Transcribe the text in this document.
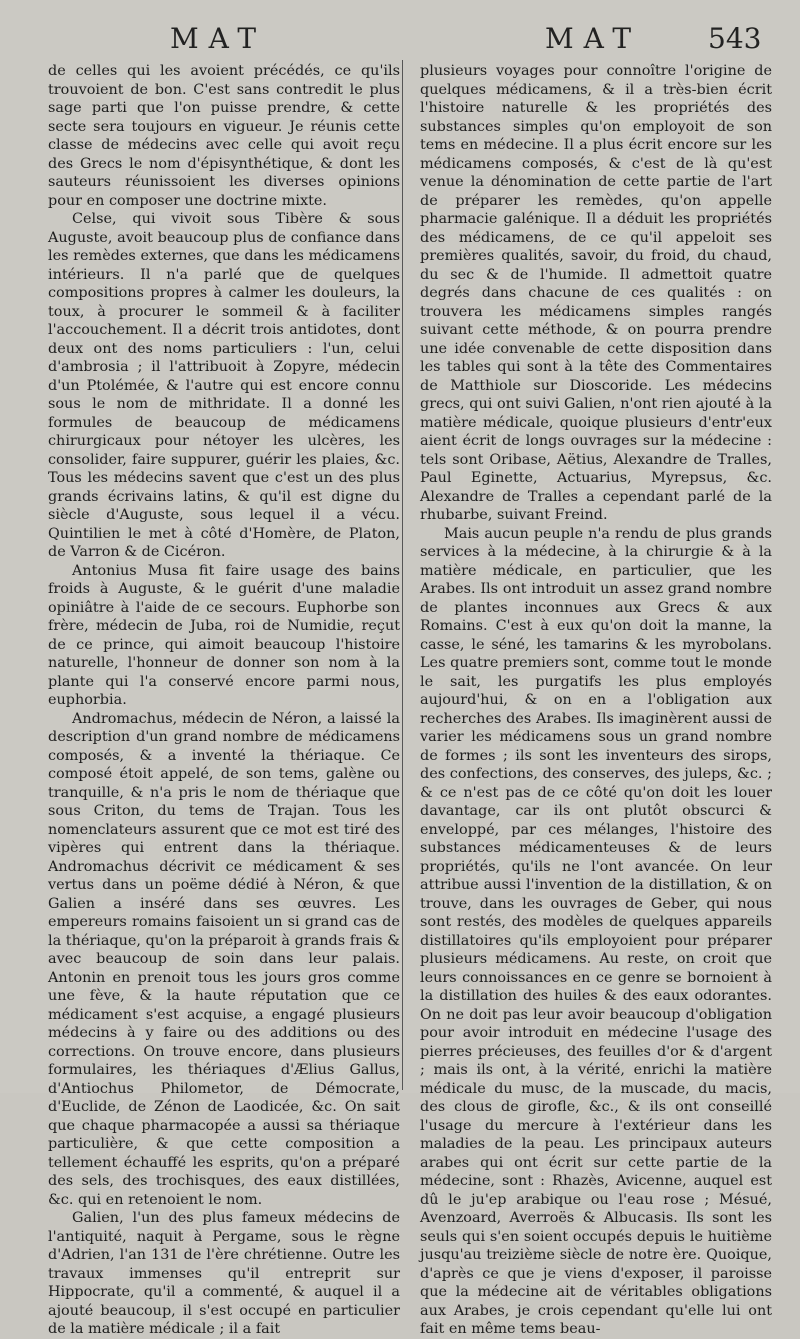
MAT	MAT 543

de celles qui les avoient précédés, ce qu'ils trouvoient de bon. C'est sans contredit le plus sage parti que l'on puisse prendre, & cette secte sera toujours en vigueur. Je réunis cette classe de médecins avec celle qui avoit reçu des Grecs le nom d'épisynthétique, & dont les sauteurs réunissoient les diverses opinions pour en composer une doctrine mixte.

Celse, qui vivoit sous Tibère & sous Auguste, avoit beaucoup plus de confiance dans les remèdes externes, que dans les médicamens intérieurs. Il n'a parlé que de quelques compositions propres à calmer les douleurs, la toux, à procurer le sommeil & à faciliter l'accouchement. Il a décrit trois antidotes, dont deux ont des noms particuliers : l'un, celui d'ambrosia ; il l'attribuoit à Zopyre, médecin d'un Ptolémée, & l'autre qui est encore connu sous le nom de mithridate. Il a donné les formules de beaucoup de médicamens chirurgicaux pour nétoyer les ulcères, les consolider, faire suppurer, guérir les plaies, &c. Tous les médecins savent que c'est un des plus grands écrivains latins, & qu'il est digne du siècle d'Auguste, sous lequel il a vécu. Quintilien le met à côté d'Homère, de Platon, de Varron & de Cicéron.

Antonius Musa fit faire usage des bains froids à Auguste, & le guérit d'une maladie opiniâtre à l'aide de ce secours. Euphorbe son frère, médecin de Juba, roi de Numidie, reçut de ce prince, qui aimoit beaucoup l'histoire naturelle, l'honneur de donner son nom à la plante qui l'a conservé encore parmi nous, euphorbia.

Andromachus, médecin de Néron, a laissé la description d'un grand nombre de médicamens composés, & a inventé la thériaque. Ce composé étoit appelé, de son tems, galène ou tranquille, & n'a pris le nom de thériaque que sous Criton, du tems de Trajan. Tous les nomenclateurs assurent que ce mot est tiré des vipères qui entrent dans la thériaque. Andromachus décrivit ce médicament & ses vertus dans un poëme dédié à Néron, & que Galien a inséré dans ses œuvres. Les empereurs romains faisoient un si grand cas de la thériaque, qu'on la préparoit à grands frais & avec beaucoup de soin dans leur palais. Antonin en prenoit tous les jours gros comme une fève, & la haute réputation que ce médicament s'est acquise, a engagé plusieurs médecins à y faire ou des additions ou des corrections. On trouve encore, dans plusieurs formulaires, les thériaques d'Ælius Gallus, d'Antiochus Philometor, de Démocrate, d'Euclide, de Zénon de Laodicée, &c. On sait que chaque pharmacopée a aussi sa thériaque particulière, & que cette composition a tellement échauffé les esprits, qu'on a préparé des sels, des trochisques, des eaux distillées, &c. qui en retenoient le nom.

Galien, l'un des plus fameux médecins de l'antiquité, naquit à Pergame, sous le règne d'Adrien, l'an 131 de l'ère chrétienne. Outre les travaux immenses qu'il entreprit sur Hippocrate, qu'il a commenté, & auquel il a ajouté beaucoup, il s'est occupé en particulier de la matière médicale ; il a fait

plusieurs voyages pour connoître l'origine de quelques médicamens, & il a très-bien écrit l'histoire naturelle & les propriétés des substances simples qu'on employoit de son tems en médecine. Il a plus écrit encore sur les médicamens composés, & c'est de là qu'est venue la dénomination de cette partie de l'art de préparer les remèdes, qu'on appelle pharmacie galénique. Il a déduit les propriétés des médicamens, de ce qu'il appeloit ses premières qualités, savoir, du froid, du chaud, du sec & de l'humide. Il admettoit quatre degrés dans chacune de ces qualités : on trouvera les médicamens simples rangés suivant cette méthode, & on pourra prendre une idée convenable de cette disposition dans les tables qui sont à la tête des Commentaires de Matthiole sur Dioscoride. Les médecins grecs, qui ont suivi Galien, n'ont rien ajouté à la matière médicale, quoique plusieurs d'entr'eux aient écrit de longs ouvrages sur la médecine : tels sont Oribase, Aëtius, Alexandre de Tralles, Paul Eginette, Actuarius, Myrepsus, &c. Alexandre de Tralles a cependant parlé de la rhubarbe, suivant Freind.

Mais aucun peuple n'a rendu de plus grands services à la médecine, à la chirurgie & à la matière médicale, en particulier, que les Arabes. Ils ont introduit un assez grand nombre de plantes inconnues aux Grecs & aux Romains. C'est à eux qu'on doit la manne, la casse, le séné, les tamarins & les myrobolans. Les quatre premiers sont, comme tout le monde le sait, les purgatifs les plus employés aujourd'hui, & on en a l'obligation aux recherches des Arabes. Ils imaginèrent aussi de varier les médicamens sous un grand nombre de formes ; ils sont les inventeurs des sirops, des confections, des conserves, des juleps, &c. ; & ce n'est pas de ce côté qu'on doit les louer davantage, car ils ont plutôt obscurci & enveloppé, par ces mélanges, l'histoire des substances médicamenteuses & de leurs propriétés, qu'ils ne l'ont avancée. On leur attribue aussi l'invention de la distillation, & on trouve, dans les ouvrages de Geber, qui nous sont restés, des modèles de quelques appareils distillatoires qu'ils employoient pour préparer plusieurs médicamens. Au reste, on croit que leurs connoissances en ce genre se bornoient à la distillation des huiles & des eaux odorantes. On ne doit pas leur avoir beaucoup d'obligation pour avoir introduit en médecine l'usage des pierres précieuses, des feuilles d'or & d'argent ; mais ils ont, à la vérité, enrichi la matière médicale du musc, de la muscade, du macis, des clous de girofle, &c., & ils ont conseillé l'usage du mercure à l'extérieur dans les maladies de la peau. Les principaux auteurs arabes qui ont écrit sur cette partie de la médecine, sont : Rhazès, Avicenne, auquel est dû le ju'ep arabique ou l'eau rose ; Mésué, Avenzoard, Averroës & Albucasis. Ils sont les seuls qui s'en soient occupés depuis le huitième jusqu'au treizième siècle de notre ère. Quoique, d'après ce que je viens d'exposer, il paroisse que la médecine ait de véritables obligations aux Arabes, je crois cependant qu'elle lui ont fait en même tems beau-
